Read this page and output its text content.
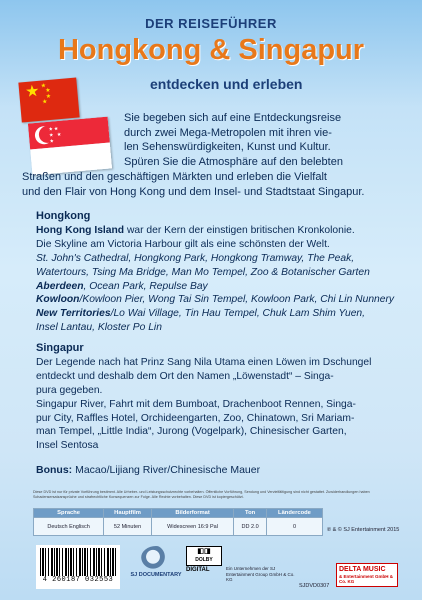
DER REISEFÜHRER
Hongkong & Singapur
entdecken und erleben
★ ★
★
★
★
★★
★ ★
★
Sie begeben sich auf eine Entdeckungsreise
durch zwei Mega-Metropolen mit ihren vie-
len Sehenswürdigkeiten, Kunst und Kultur.
Spüren Sie die Atmosphäre auf den belebten
Straßen und den geschäftigen Märkten und erleben die Vielfalt
und den Flair von Hong Kong und dem Insel- und Stadtstaat Singapur.
Hongkong
Hong Kong Island war der Kern der einstigen britischen Kronkolonie.
Die Skyline am Victoria Harbour gilt als eine schönsten der Welt.
St. John's Cathedral, Hongkong Park, Hongkong Tramway, The Peak,
Watertours, Tsing Ma Bridge, Man Mo Tempel, Zoo & Botanischer Garten
Aberdeen, Ocean Park, Repulse Bay
Kowloon/Kowloon Pier, Wong Tai Sin Tempel, Kowloon Park, Chi Lin Nunnery
New Territories/Lo Wai Village, Tin Hau Tempel, Chuk Lam Shim Yuen,
Insel Lantau, Kloster Po Lin
Singapur
Der Legende nach hat Prinz Sang Nila Utama einen Löwen im Dschungel
entdeckt und deshalb dem Ort den Namen „Löwenstadt“ – Singa-
pura gegeben.
Singapur River, Fahrt mit dem Bumboat, Drachenboot Rennen, Singa-
pur City, Raffles Hotel, Orchideengarten, Zoo, Chinatown, Sri Mariam-
man Tempel, „Little India“, Jurong (Vogelpark), Chinesischer Garten,
Insel Sentosa
Bonus: Macao/Lijiang River/Chinesische Mauer
Diese DVD ist nur für private Vorführung bestimmt. Alle Urheber- und Leistungsschutzrechte vorbehalten. Öffentliche Vorführung, Sendung und Vervielfältigung sind nicht gestattet. Zuwiderhandlungen haben Schadensersatzansprüche und strafrechtliche Konsequenzen zur Folge. Alle Rechte vorbehalten. Diese DVD ist kopiergeschützt.
Sprache	Hauptfilm	Bilderformat	Ton	Ländercode
Deutsch Englisch	52 Minuten	Widescreen 16:9 Pal	DD 2.0	0
℗ & © SJ Entertainment 2015
4 260187 032553
SJ DOCUMENTARY
◧◨
DOLBY
DIGITAL	Ein Unternehmen der SJ Entertainment Group GmbH & Co. KG
SJDVD0307
DELTA MUSIC
& Entertainment GmbH & Co. KG
